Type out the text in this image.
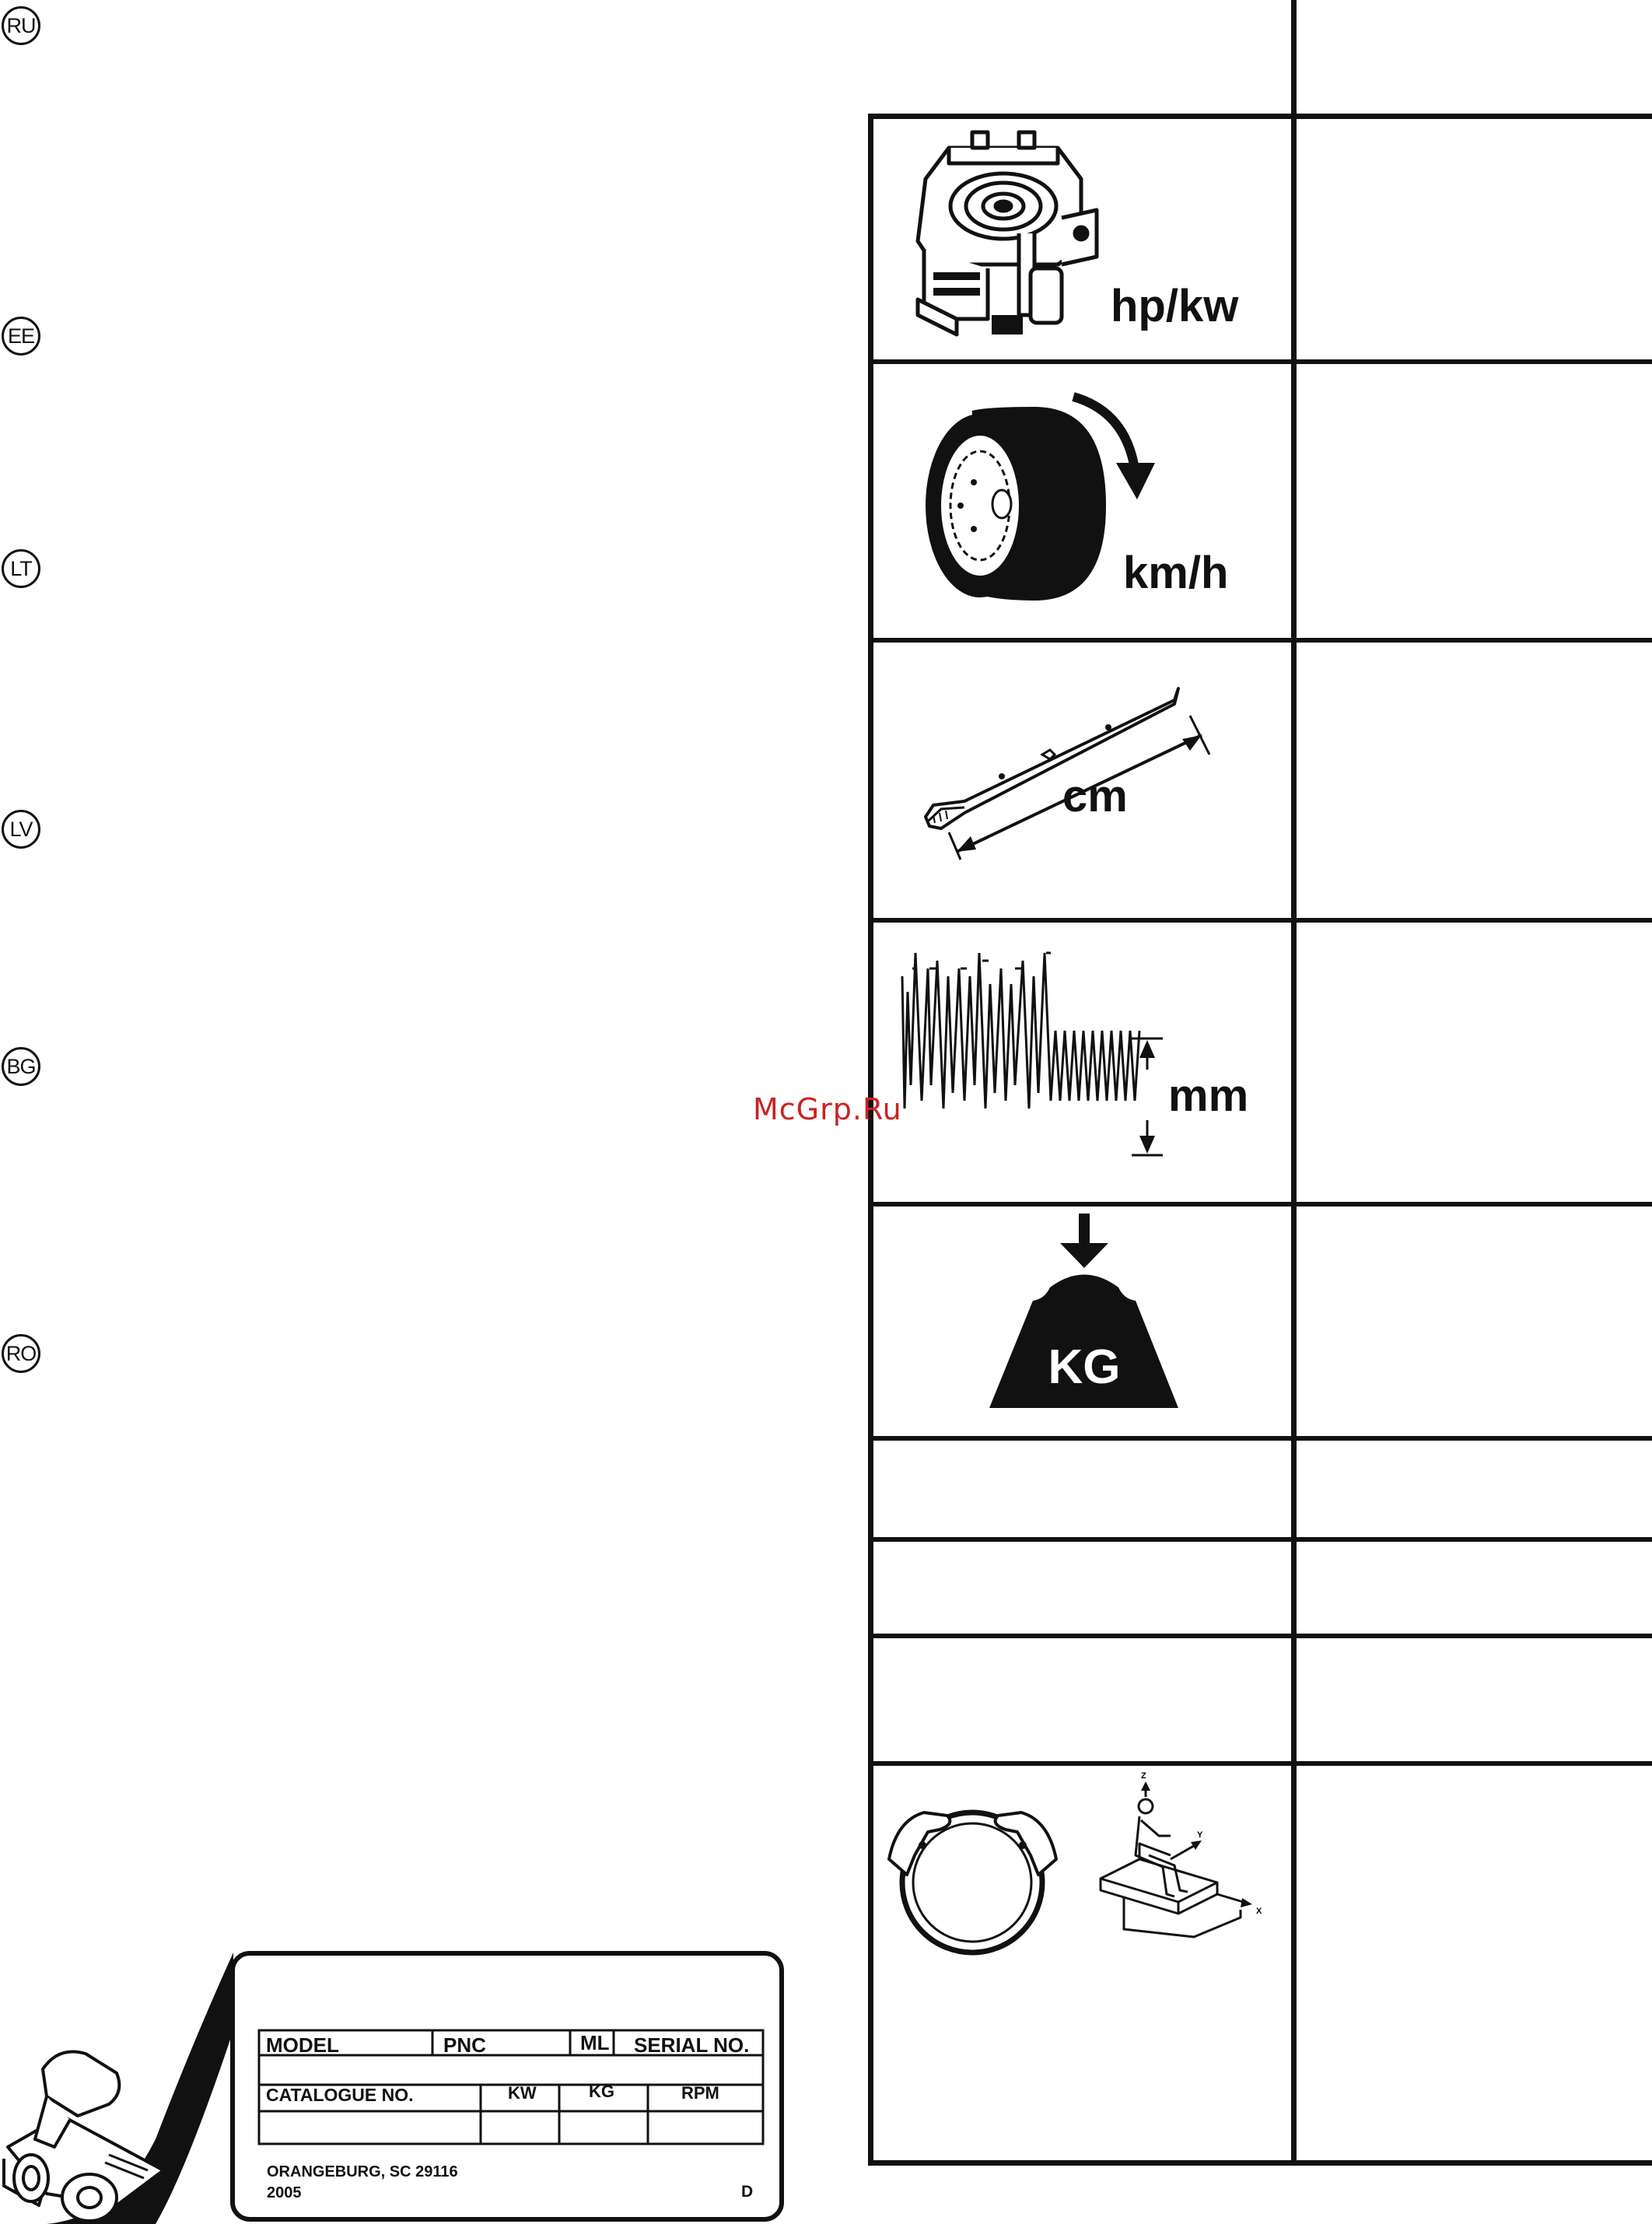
RU
EE
LT
LV
BG
RO
hp/kw
km/h
cm
mm
KG
Z
Y
X
McGrp.Ru
MODEL	PNC	ML SERIAL NO.
CATALOGUE NO.	KW	KG	RPM
ORANGEBURG, SC 29116
2005	D
